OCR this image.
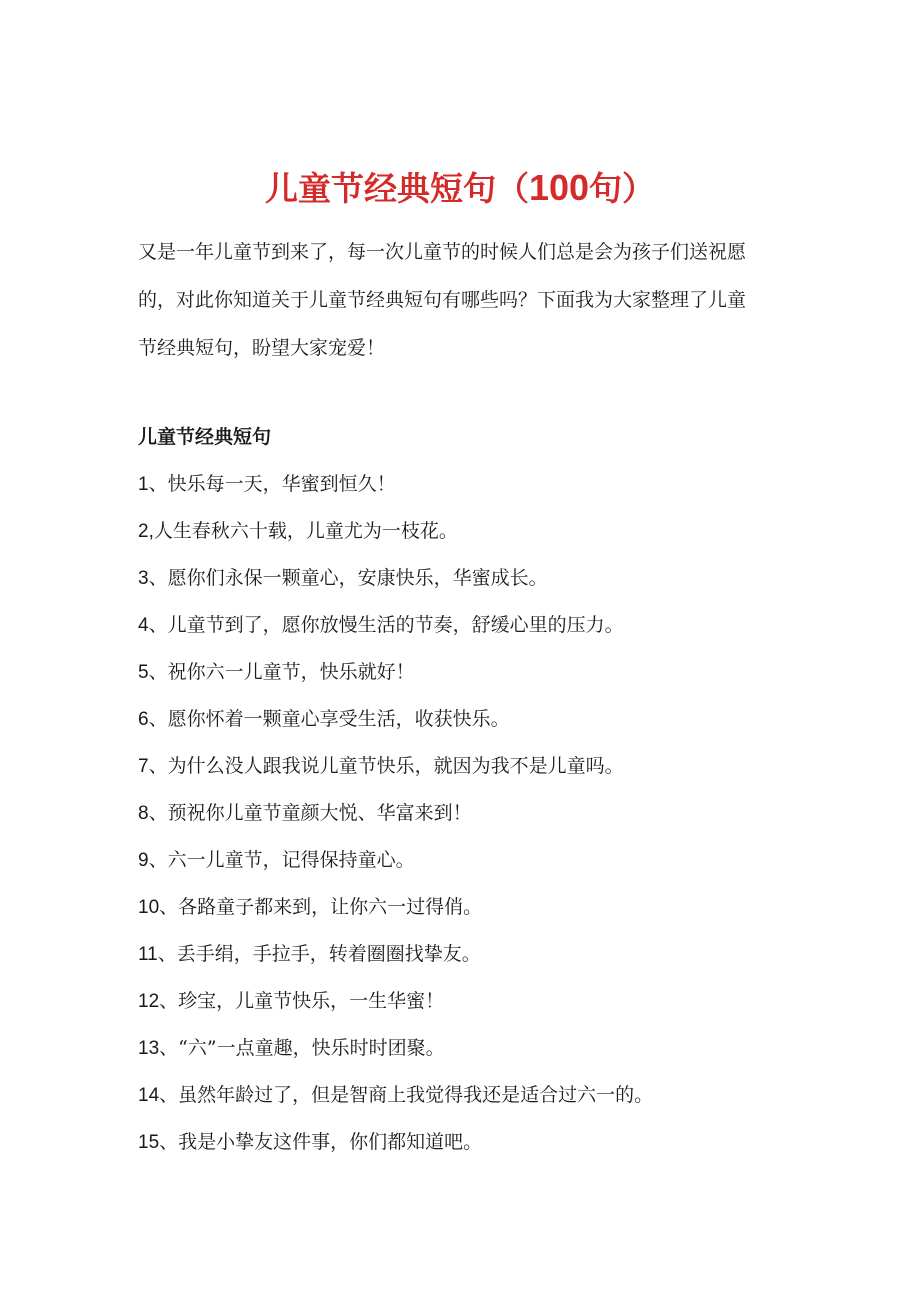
儿童节经典短句（100句）

又是一年儿童节到来了，每一次儿童节的时候人们总是会为孩子们送祝愿
的，对此你知道关于儿童节经典短句有哪些吗？下面我为大家整理了儿童
节经典短句，盼望大家宠爱！

儿童节经典短句
1、快乐每一天，华蜜到恒久！
2,人生春秋六十载，儿童尤为一枝花。
3、愿你们永保一颗童心，安康快乐，华蜜成长。
4、儿童节到了，愿你放慢生活的节奏，舒缓心里的压力。
5、祝你六一儿童节，快乐就好！
6、愿你怀着一颗童心享受生活，收获快乐。
7、为什么没人跟我说儿童节快乐，就因为我不是儿童吗。
8、预祝你儿童节童颜大悦、华富来到！
9、六一儿童节，记得保持童心。
10、各路童子都来到，让你六一过得俏。
11、丢手绢，手拉手，转着圈圈找挚友。
12、珍宝，儿童节快乐，一生华蜜！
13、“六”一点童趣，快乐时时团聚。
14、虽然年龄过了，但是智商上我觉得我还是适合过六一的。
15、我是小挚友这件事，你们都知道吧。
